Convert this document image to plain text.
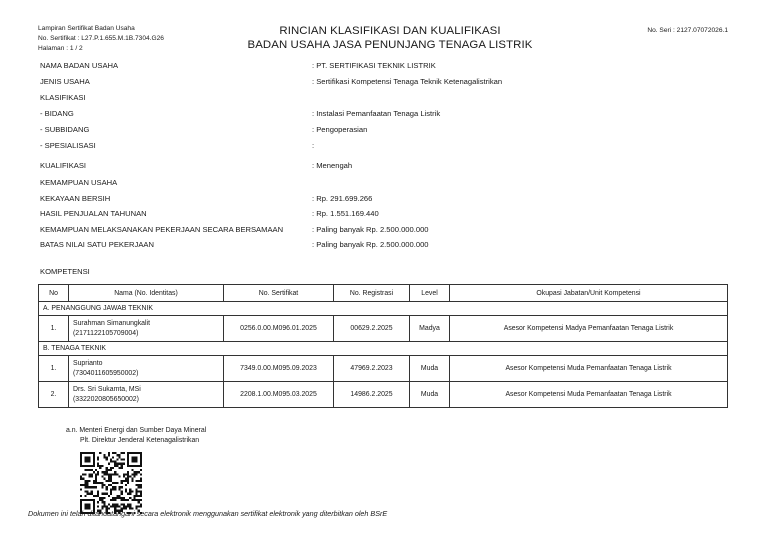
Lampiran Sertifikat Badan Usaha
No. Sertifikat : L27.P.1.655.M.1B.7304.G26
Halaman : 1 / 2
RINCIAN KLASIFIKASI DAN KUALIFIKASI
BADAN USAHA JASA PENUNJANG TENAGA LISTRIK
No. Seri : 2127.07072026.1
NAMA BADAN USAHA	: PT. SERTIFIKASI TEKNIK LISTRIK
JENIS USAHA	: Sertifikasi Kompetensi Tenaga Teknik Ketenagalistrikan
KLASIFIKASI
- BIDANG	: Instalasi Pemanfaatan Tenaga Listrik
- SUBBIDANG	: Pengoperasian
- SPESIALISASI	:
KUALIFIKASI	: Menengah
KEMAMPUAN USAHA
KEKAYAAN BERSIH	: Rp. 291.699.266
HASIL PENJUALAN TAHUNAN	: Rp. 1.551.169.440
KEMAMPUAN MELAKSANAKAN PEKERJAAN SECARA BERSAMAAN	: Paling banyak Rp. 2.500.000.000
BATAS NILAI SATU PEKERJAAN	: Paling banyak Rp. 2.500.000.000
KOMPETENSI
No	Nama (No. Identitas)	No. Sertifikat	No. Registrasi	Level	Okupasi Jabatan/Unit Kompetensi
A. PENANGGUNG JAWAB TEKNIK					
1.	Surahman Simanungkalit
(2171122105709004)	0256.0.00.M096.01.2025	00629.2.2025	Madya	Asesor Kompetensi Madya Pemanfaatan Tenaga Listrik
B. TENAGA TEKNIK					
1.	Suprianto
(7304011605950002)	7349.0.00.M095.09.2023	47969.2.2023	Muda	Asesor Kompetensi Muda Pemanfaatan Tenaga Listrik
2.	Drs. Sri Sukamta, MSi
(3322020805650002)	2208.1.00.M095.03.2025	14986.2.2025	Muda	Asesor Kompetensi Muda Pemanfaatan Tenaga Listrik
a.n. Menteri Energi dan Sumber Daya Mineral
Plt. Direktur Jenderal Ketenagalistrikan
Dokumen ini telah ditandatangani secara elektronik menggunakan sertifikat elektronik yang diterbitkan oleh BSrE
